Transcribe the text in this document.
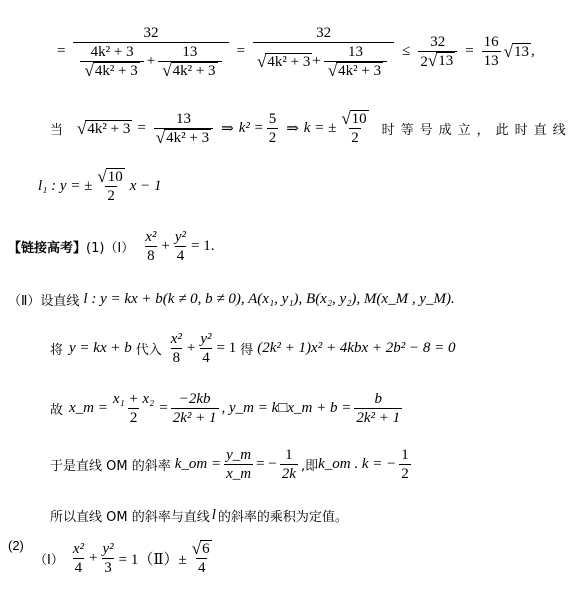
=
32
$\frac{\text{4k² + 3}}{\text{√ 4k² + 3}} + \frac{13}{\text{√ 4k² + 3}} = \frac{32}{√ 4k^2 + 3 + \frac{13}{\text{√ 4k² + 3}}} \le \frac{32}{2 √ 13} = \frac{16}{13}$ √ 13 ,
当 √ $4k^2 + 3 = \frac{13}{\text{√ 4k² + 3}}$ ⇒ $k^2 = \frac{5}{2}$ ⇒ k = ± $\frac{√ 10}{2}$ 时等号成立，此时直线
l₁ : y = ± $\frac{√ 10}{2}$ x − 1
【链接高考】 (1)（Ⅰ） $\frac{\text{x²}}{8} + \frac{\text{y²}}{4} = 1$.
（Ⅱ）设直线 l : y = kx + b(k ≠ 0, b ≠ 0), A(x₁, y₁), B(x₂, y₂), M(x_M , y_M).
将 y = kx + b 代入 $\frac{\text{x²}}{8} + \frac{\text{y²}}{4} = 1$ 得 (2k² + 1)x² + 4kbx + 2b² − 8 = 0
故 x_m = $\frac{\text{x₁ + x₂}}{2} = \frac{-2kb}{\text{2k² + 1}}$ , y_m = k□x_m + $b = \frac{b}{\text{2k² + 1}}$
于是直线 OM 的斜率 k_om = $\frac{y\_m}{x\_m}$ = − $\frac{1}{2k}$ ,即 k_om . k = − $\frac{1}{2}$
所以直线 OM 的斜率与直线 l 的斜率的乘积为定值。
(2)
（Ⅰ） $\frac{\text{x²}}{4} + \frac{\text{y²}}{3}$ = 1（Ⅱ）± $\frac{√ 6}{4}$
